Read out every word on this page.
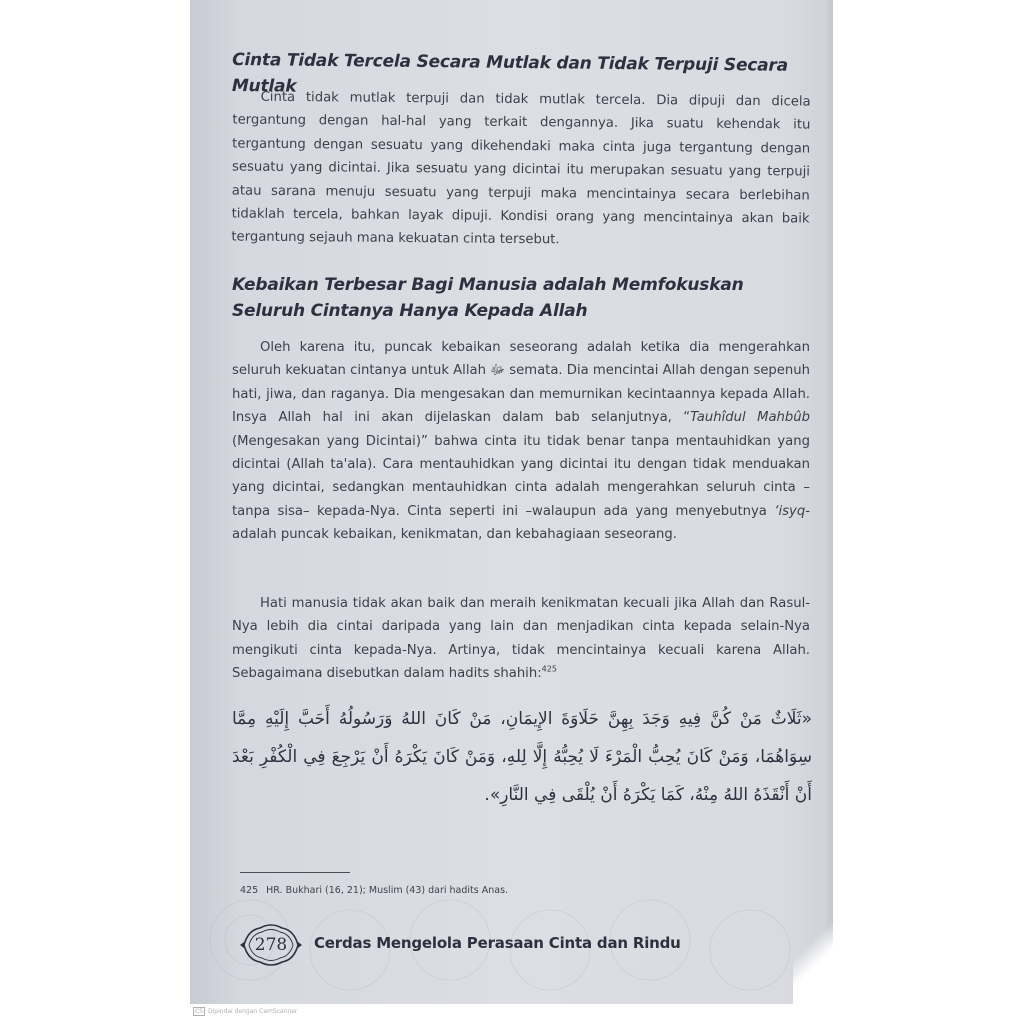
Cinta Tidak Tercela Secara Mutlak dan Tidak Terpuji Secara Mutlak
Cinta tidak mutlak terpuji dan tidak mutlak tercela. Dia dipuji dan dicela tergantung dengan hal-hal yang terkait dengannya. Jika suatu kehendak itu tergantung dengan sesuatu yang dikehendaki maka cinta juga tergantung dengan sesuatu yang dicintai. Jika sesuatu yang dicintai itu merupakan sesuatu yang terpuji atau sarana menuju sesuatu yang terpuji maka mencintainya secara berlebihan tidaklah tercela, bahkan layak dipuji. Kondisi orang yang mencintainya akan baik tergantung sejauh mana kekuatan cinta tersebut.
Kebaikan Terbesar Bagi Manusia adalah Memfokuskan Seluruh Cintanya Hanya Kepada Allah
Oleh karena itu, puncak kebaikan seseorang adalah ketika dia mengerahkan seluruh kekuatan cintanya untuk Allah ﷻ semata. Dia mencintai Allah dengan sepenuh hati, jiwa, dan raganya. Dia mengesakan dan memurnikan kecintaannya kepada Allah. Insya Allah hal ini akan dijelaskan dalam bab selanjutnya, “Tauhîdul Mahbûb (Mengesakan yang Dicintai)” bahwa cinta itu tidak benar tanpa mentauhidkan yang dicintai (Allah ta'ala). Cara mentauhidkan yang dicintai itu dengan tidak menduakan yang dicintai, sedangkan mentauhidkan cinta adalah mengerahkan seluruh cinta –tanpa sisa– kepada-Nya. Cinta seperti ini –walaupun ada yang menyebutnya ‘isyq- adalah puncak kebaikan, kenikmatan, dan kebahagiaan seseorang.
Hati manusia tidak akan baik dan meraih kenikmatan kecuali jika Allah dan Rasul-Nya lebih dia cintai daripada yang lain dan menjadikan cinta kepada selain-Nya mengikuti cinta kepada-Nya. Artinya, tidak mencintainya kecuali karena Allah. Sebagaimana disebutkan dalam hadits shahih:$^{425}$
«ثَلَاثٌ مَنْ كُنَّ فِيهِ وَجَدَ بِهِنَّ حَلَاوَةَ الإِيمَانِ، مَنْ كَانَ اللهُ وَرَسُولُهُ أَحَبَّ إِلَيْهِ مِمَّا سِوَاهُمَا، وَمَنْ كَانَ يُحِبُّ الْمَرْءَ لَا يُحِبُّهُ إِلَّا لِلهِ، وَمَنْ كَانَ يَكْرَهُ أَنْ يَرْجِعَ فِي الْكُفْرِ بَعْدَ أَنْ أَنْقَذَهُ اللهُ مِنْهُ، كَمَا يَكْرَهُ أَنْ يُلْقَى فِي النَّارِ».
425 HR. Bukhari (16, 21); Muslim (43) dari hadits Anas.
278	Cerdas Mengelola Perasaan Cinta dan Rindu
CS Dipindai dengan CamScanner
